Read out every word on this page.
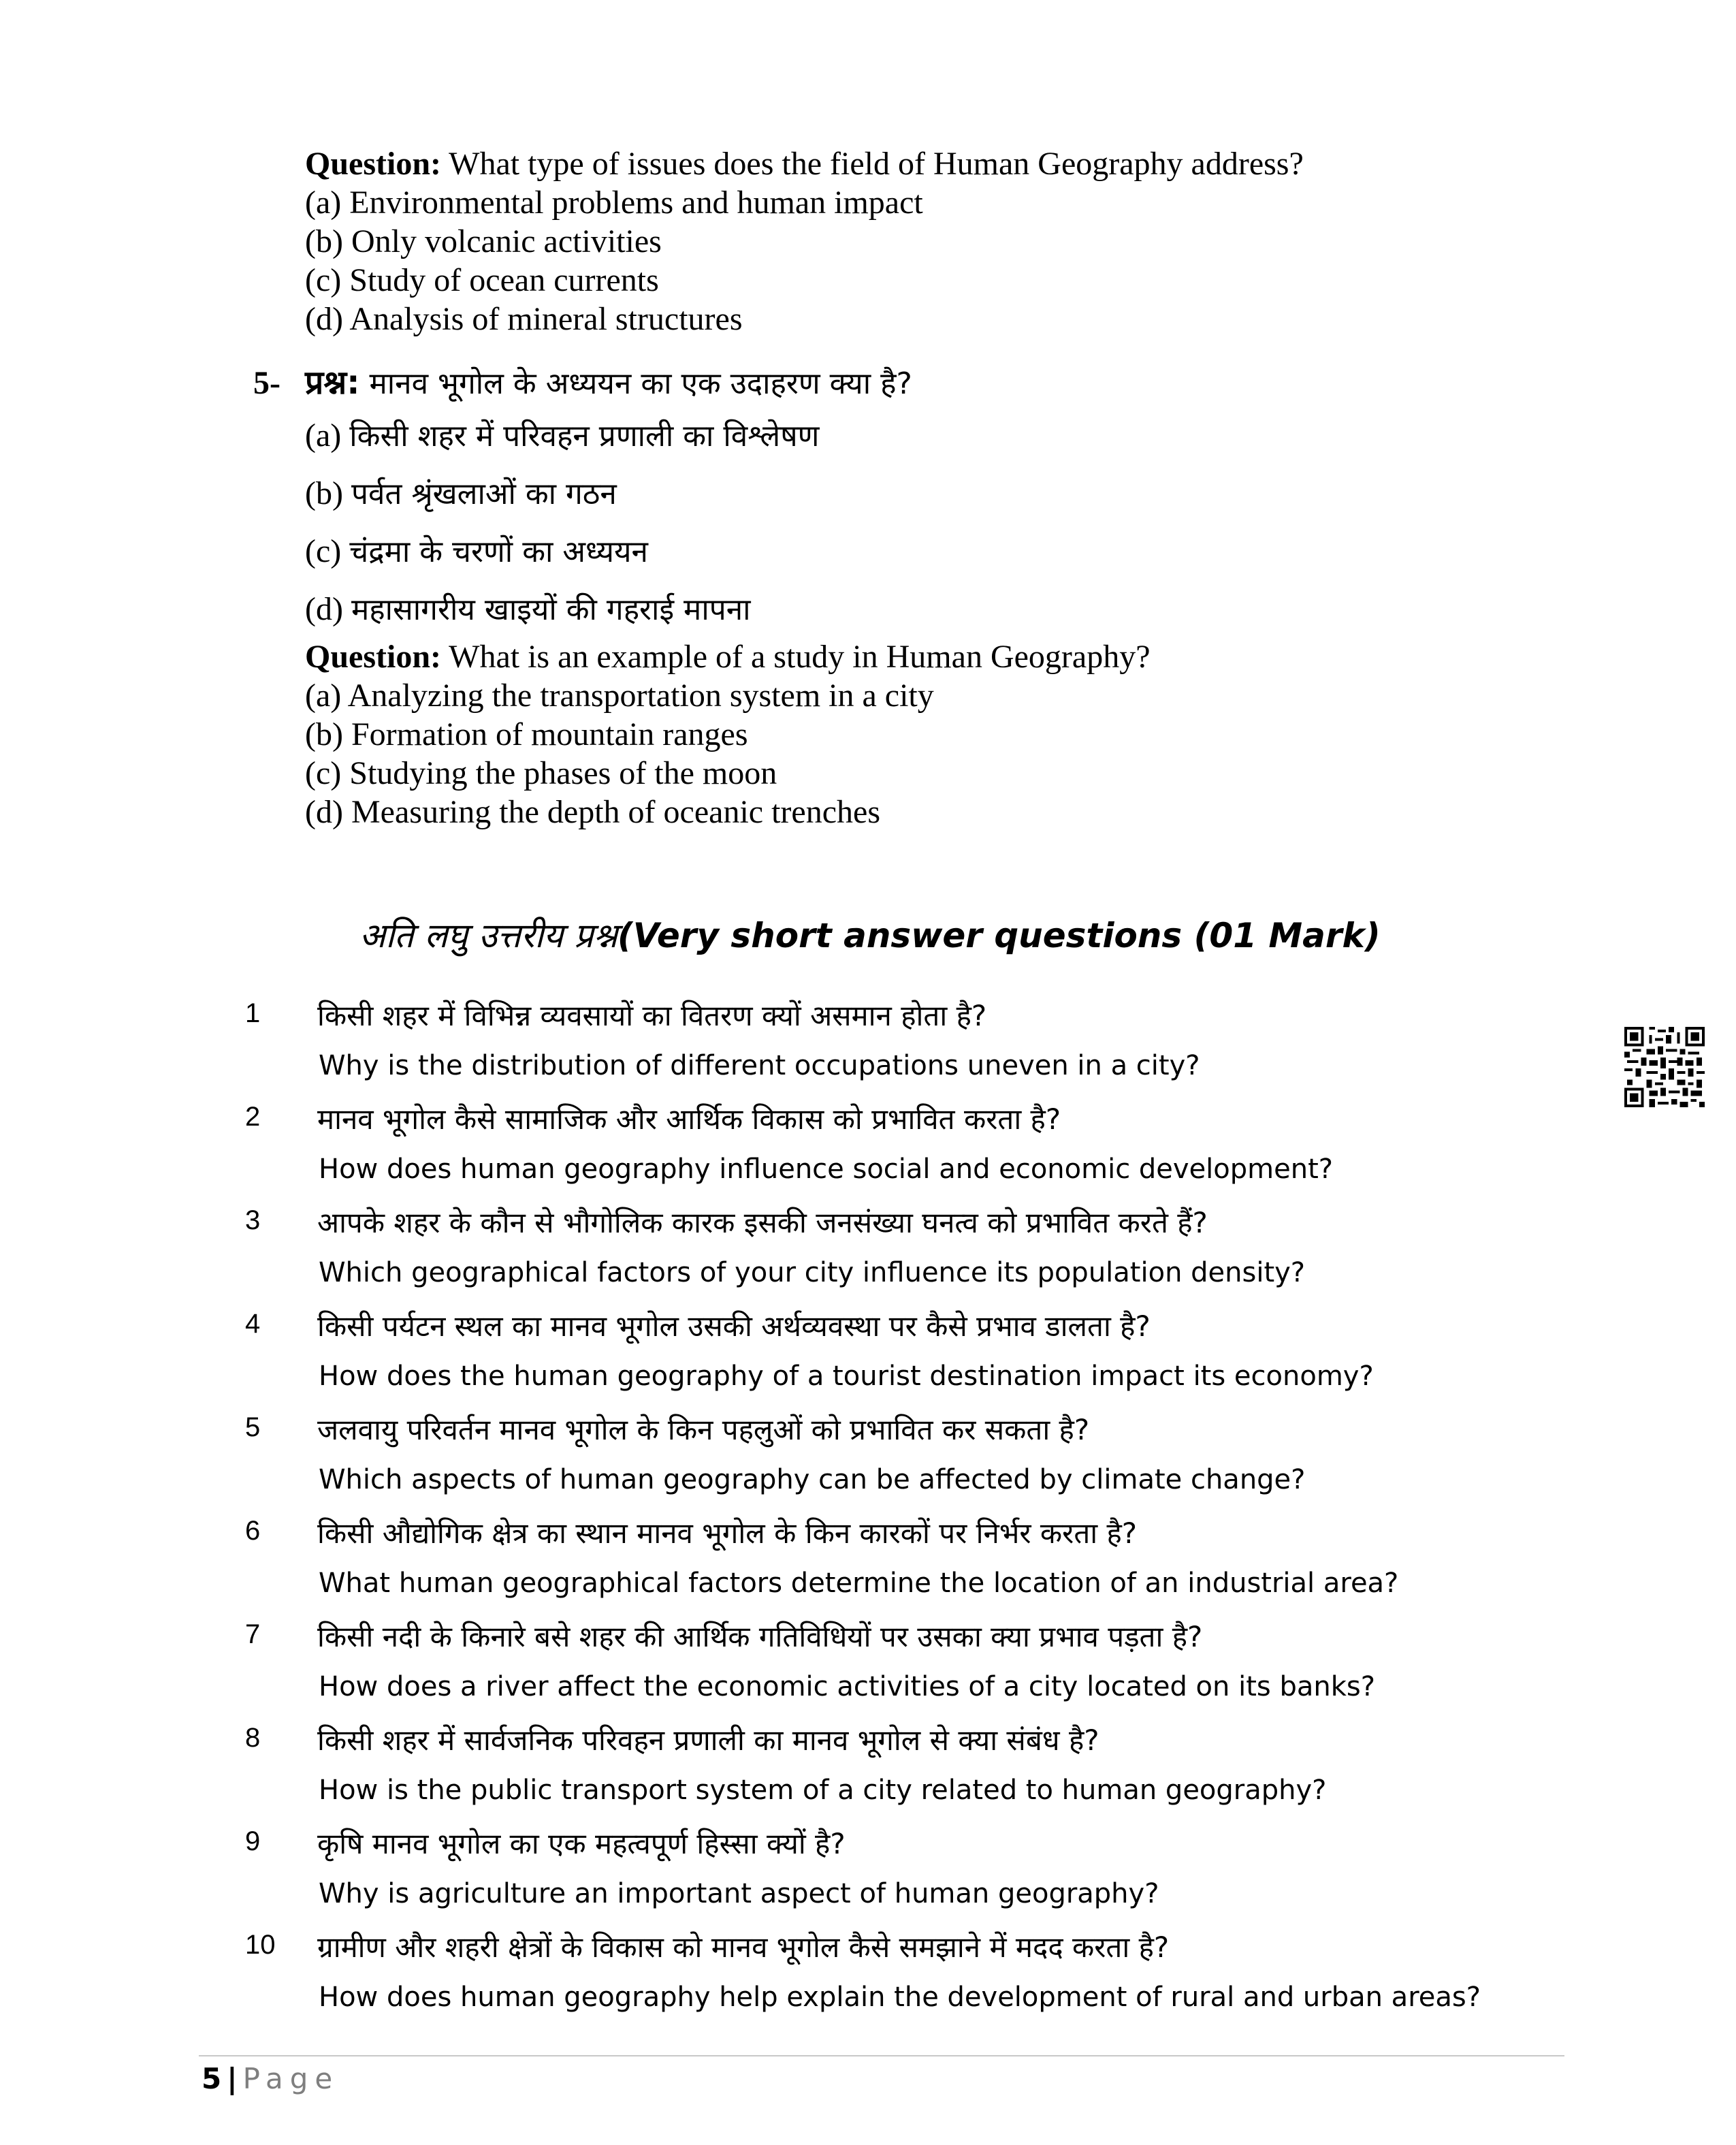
Question: What type of issues does the field of Human Geography address?
(a) Environmental problems and human impact
(b) Only volcanic activities
(c) Study of ocean currents
(d) Analysis of mineral structures
5- प्रश्न: मानव भूगोल के अध्ययन का एक उदाहरण क्या है?
(a) किसी शहर में परिवहन प्रणाली का विश्लेषण
(b) पर्वत श्रृंखलाओं का गठन
(c) चंद्रमा के चरणों का अध्ययन
(d) महासागरीय खाइयों की गहराई मापना
Question: What is an example of a study in Human Geography?
(a) Analyzing the transportation system in a city
(b) Formation of mountain ranges
(c) Studying the phases of the moon
(d) Measuring the depth of oceanic trenches
अति लघु उत्तरीय प्रश्न(Very short answer questions (01 Mark)
1 किसी शहर में विभिन्न व्यवसायों का वितरण क्यों असमान होता है?
Why is the distribution of different occupations uneven in a city?
2 मानव भूगोल कैसे सामाजिक और आर्थिक विकास को प्रभावित करता है?
How does human geography influence social and economic development?
3 आपके शहर के कौन से भौगोलिक कारक इसकी जनसंख्या घनत्व को प्रभावित करते हैं?
Which geographical factors of your city influence its population density?
4 किसी पर्यटन स्थल का मानव भूगोल उसकी अर्थव्यवस्था पर कैसे प्रभाव डालता है?
How does the human geography of a tourist destination impact its economy?
5 जलवायु परिवर्तन मानव भूगोल के किन पहलुओं को प्रभावित कर सकता है?
Which aspects of human geography can be affected by climate change?
6 किसी औद्योगिक क्षेत्र का स्थान मानव भूगोल के किन कारकों पर निर्भर करता है?
What human geographical factors determine the location of an industrial area?
7 किसी नदी के किनारे बसे शहर की आर्थिक गतिविधियों पर उसका क्या प्रभाव पड़ता है?
How does a river affect the economic activities of a city located on its banks?
8 किसी शहर में सार्वजनिक परिवहन प्रणाली का मानव भूगोल से क्या संबंध है?
How is the public transport system of a city related to human geography?
9 कृषि मानव भूगोल का एक महत्वपूर्ण हिस्सा क्यों है?
Why is agriculture an important aspect of human geography?
10 ग्रामीण और शहरी क्षेत्रों के विकास को मानव भूगोल कैसे समझाने में मदद करता है?
How does human geography help explain the development of rural and urban areas?
5 | Page
